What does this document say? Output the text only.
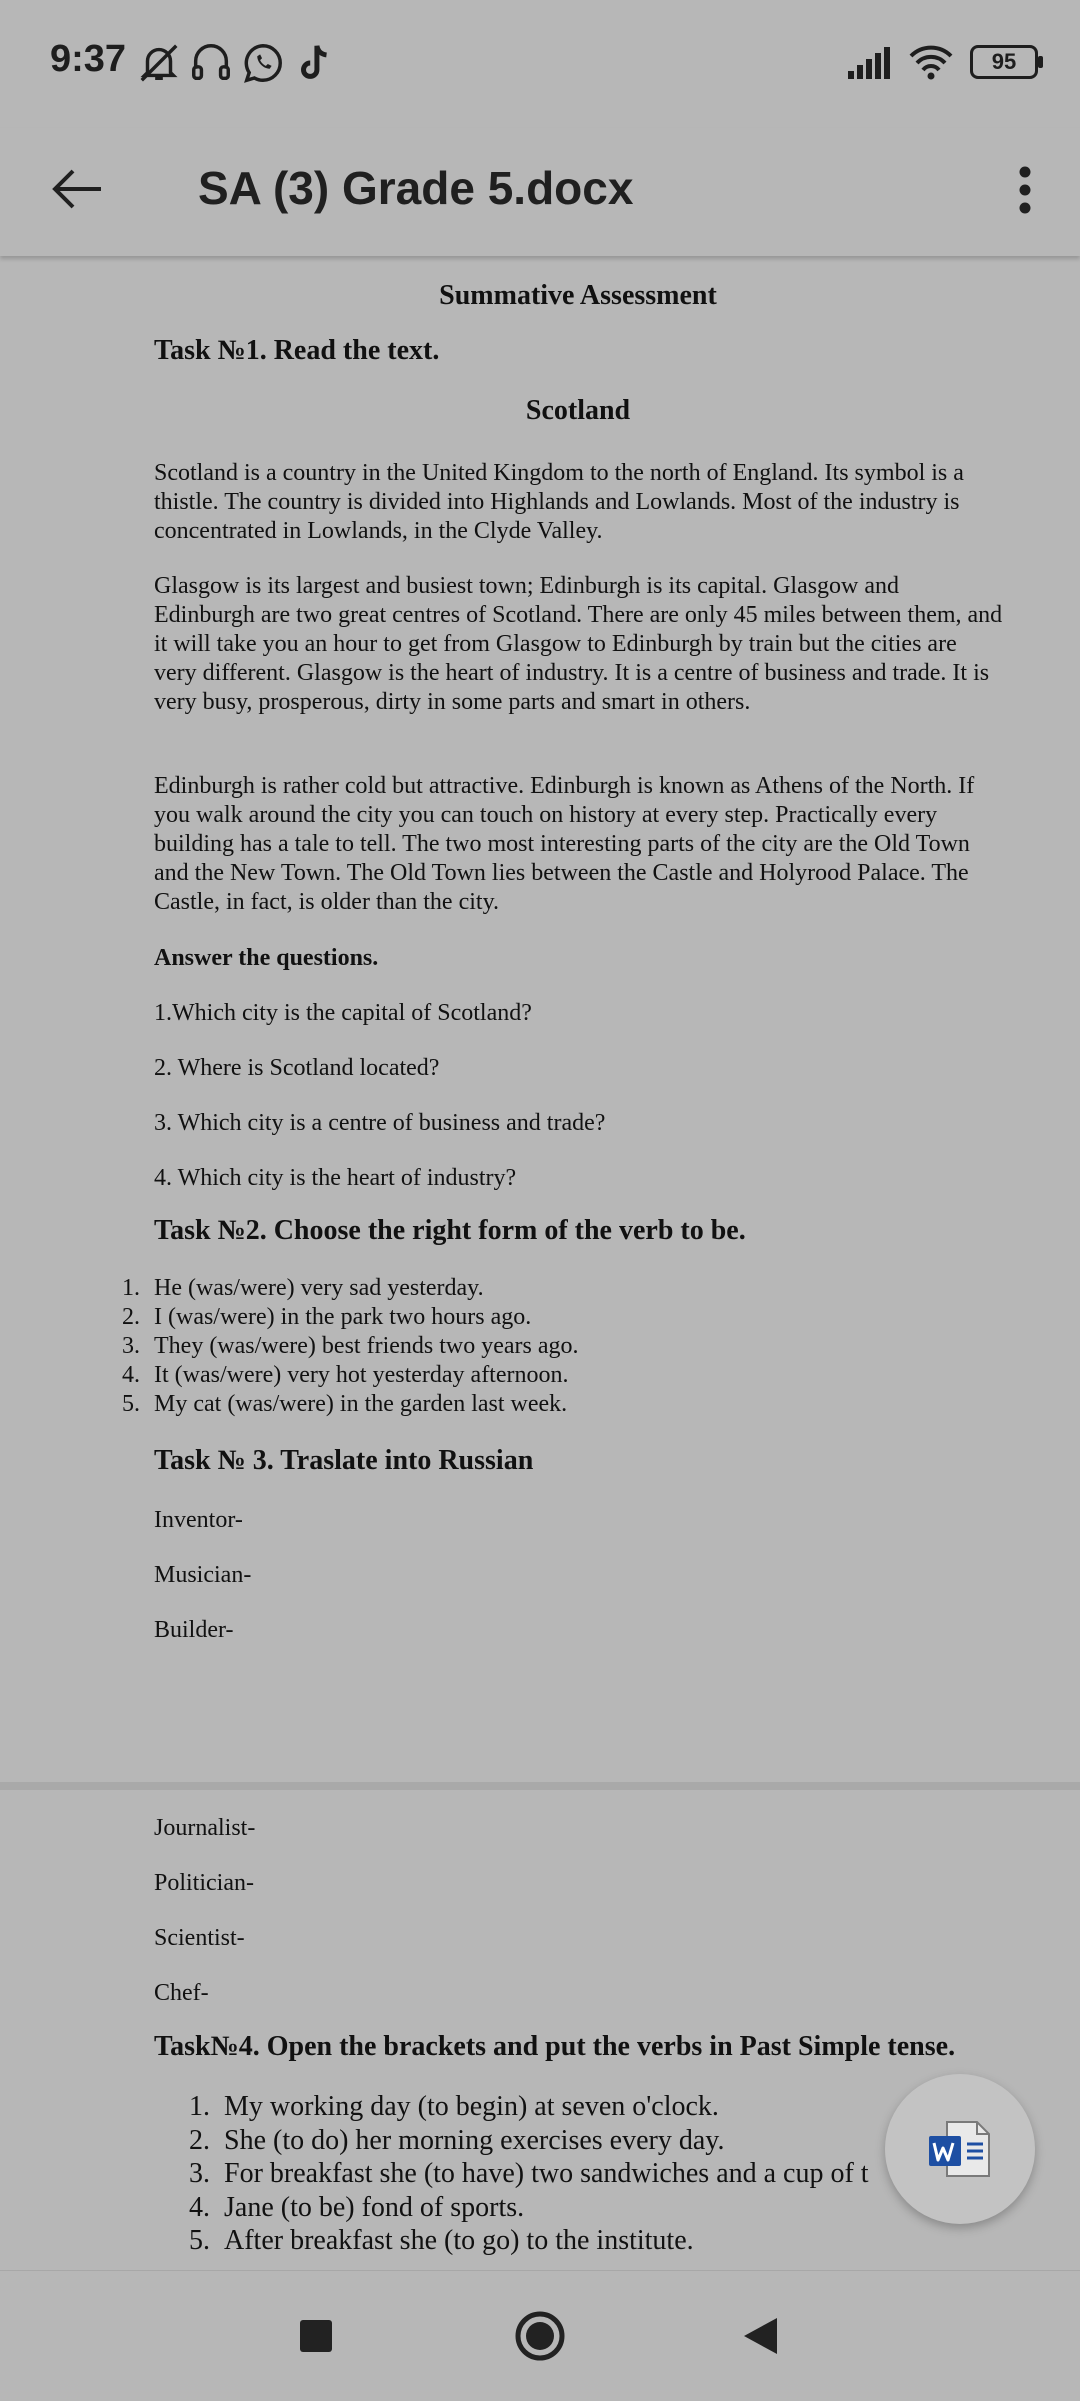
9:37	95
SA (3) Grade 5.docx
Summative Assessment
Task №1. Read the text.
Scotland

Scotland is a country in the United Kingdom to the north of England. Its symbol is a thistle. The country is divided into Highlands and Lowlands. Most of the industry is concentrated in Lowlands, in the Clyde Valley.

Glasgow is its largest and busiest town; Edinburgh is its capital. Glasgow and Edinburgh are two great centres of Scotland. There are only 45 miles between them, and it will take you an hour to get from Glasgow to Edinburgh by train but the cities are very different. Glasgow is the heart of industry. It is a centre of business and trade. It is very busy, prosperous, dirty in some parts and smart in others.

Edinburgh is rather cold but attractive. Edinburgh is known as Athens of the North. If you walk around the city you can touch on history at every step. Practically every building has a tale to tell. The two most interesting parts of the city are the Old Town and the New Town. The Old Town lies between the Castle and Holyrood Palace. The Castle, in fact, is older than the city.

Answer the questions.
1.Which city is the capital of Scotland?
2. Where is Scotland located?
3. Which city is a centre of business and trade?
4. Which city is the heart of industry?
Task №2. Choose the right form of the verb to be.
1. He (was/were) very sad yesterday.
2. I (was/were) in the park two hours ago.
3. They (was/were) best friends two years ago.
4. It (was/were) very hot yesterday afternoon.
5. My cat (was/were) in the garden last week.
Task № 3. Traslate into Russian
Inventor-
Musician-
Builder-
Journalist-
Politician-
Scientist-
Chef-
Task№4. Open the brackets and put the verbs in Past Simple tense.
1. My working day (to begin) at seven o'clock.
2. She (to do) her morning exercises every day.
3. For breakfast she (to have) two sandwiches and a cup of t
4. Jane (to be) fond of sports.
5. After breakfast she (to go) to the institute.
